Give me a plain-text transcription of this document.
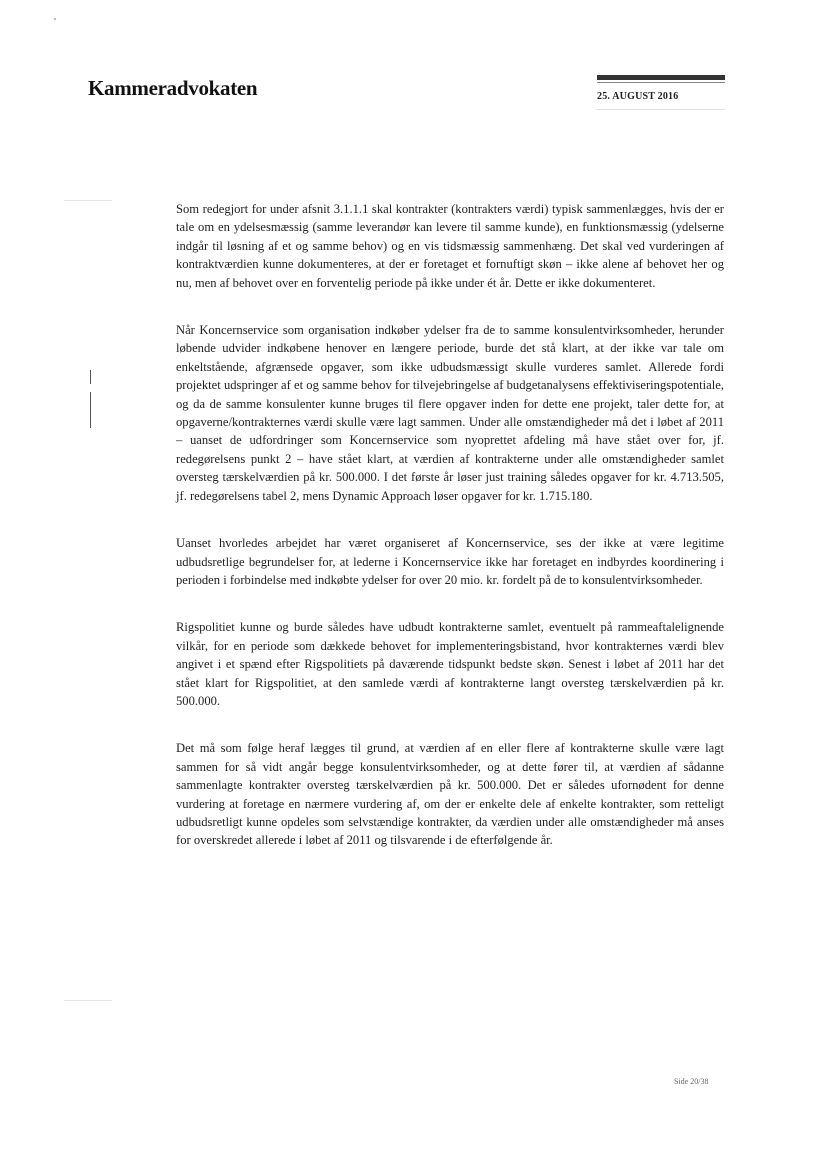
Kammeradvokaten	25. AUGUST 2016

Som redegjort for under afsnit 3.1.1.1 skal kontrakter (kontrakters værdi) typisk sammenlægges, hvis der er tale om en ydelsesmæssig (samme leverandør kan levere til samme kunde), en funktionsmæssig (ydelserne indgår til løsning af et og samme behov) og en vis tidsmæssig sammenhæng. Det skal ved vurderingen af kontraktværdien kunne dokumenteres, at der er foretaget et fornuftigt skøn – ikke alene af behovet her og nu, men af behovet over en forventelig periode på ikke under ét år. Dette er ikke dokumenteret.

Når Koncernservice som organisation indkøber ydelser fra de to samme konsulentvirksomheder, herunder løbende udvider indkøbene henover en længere periode, burde det stå klart, at der ikke var tale om enkeltstående, afgrænsede opgaver, som ikke udbudsmæssigt skulle vurderes samlet. Allerede fordi projektet udspringer af et og samme behov for tilvejebringelse af budgetanalysens effektiviseringspotentiale, og da de samme konsulenter kunne bruges til flere opgaver inden for dette ene projekt, taler dette for, at opgaverne/kontrakternes værdi skulle være lagt sammen. Under alle omstændigheder må det i løbet af 2011 – uanset de udfordringer som Koncernservice som nyoprettet afdeling må have stået over for, jf. redegørelsens punkt 2 – have stået klart, at værdien af kontrakterne under alle omstændigheder samlet oversteg tærskelværdien på kr. 500.000. I det første år løser just training således opgaver for kr. 4.713.505, jf. redegørelsens tabel 2, mens Dynamic Approach løser opgaver for kr. 1.715.180.

Uanset hvorledes arbejdet har været organiseret af Koncernservice, ses der ikke at være legitime udbudsretlige begrundelser for, at lederne i Koncernservice ikke har foretaget en indbyrdes koordinering i perioden i forbindelse med indkøbte ydelser for over 20 mio. kr. fordelt på de to konsulentvirksomheder.

Rigspolitiet kunne og burde således have udbudt kontrakterne samlet, eventuelt på rammeaftalelignende vilkår, for en periode som dækkede behovet for implementeringsbistand, hvor kontrakternes værdi blev angivet i et spænd efter Rigspolitiets på daværende tidspunkt bedste skøn. Senest i løbet af 2011 har det stået klart for Rigspolitiet, at den samlede værdi af kontrakterne langt oversteg tærskelværdien på kr. 500.000.

Det må som følge heraf lægges til grund, at værdien af en eller flere af kontrakterne skulle være lagt sammen for så vidt angår begge konsulentvirksomheder, og at dette fører til, at værdien af sådanne sammenlagte kontrakter oversteg tærskelværdien på kr. 500.000. Det er således ufornødent for denne vurdering at foretage en nærmere vurdering af, om der er enkelte dele af enkelte kontrakter, som retteligt udbudsretligt kunne opdeles som selvstændige kontrakter, da værdien under alle omstændigheder må anses for overskredet allerede i løbet af 2011 og tilsvarende i de efterfølgende år.

Side 20/38
